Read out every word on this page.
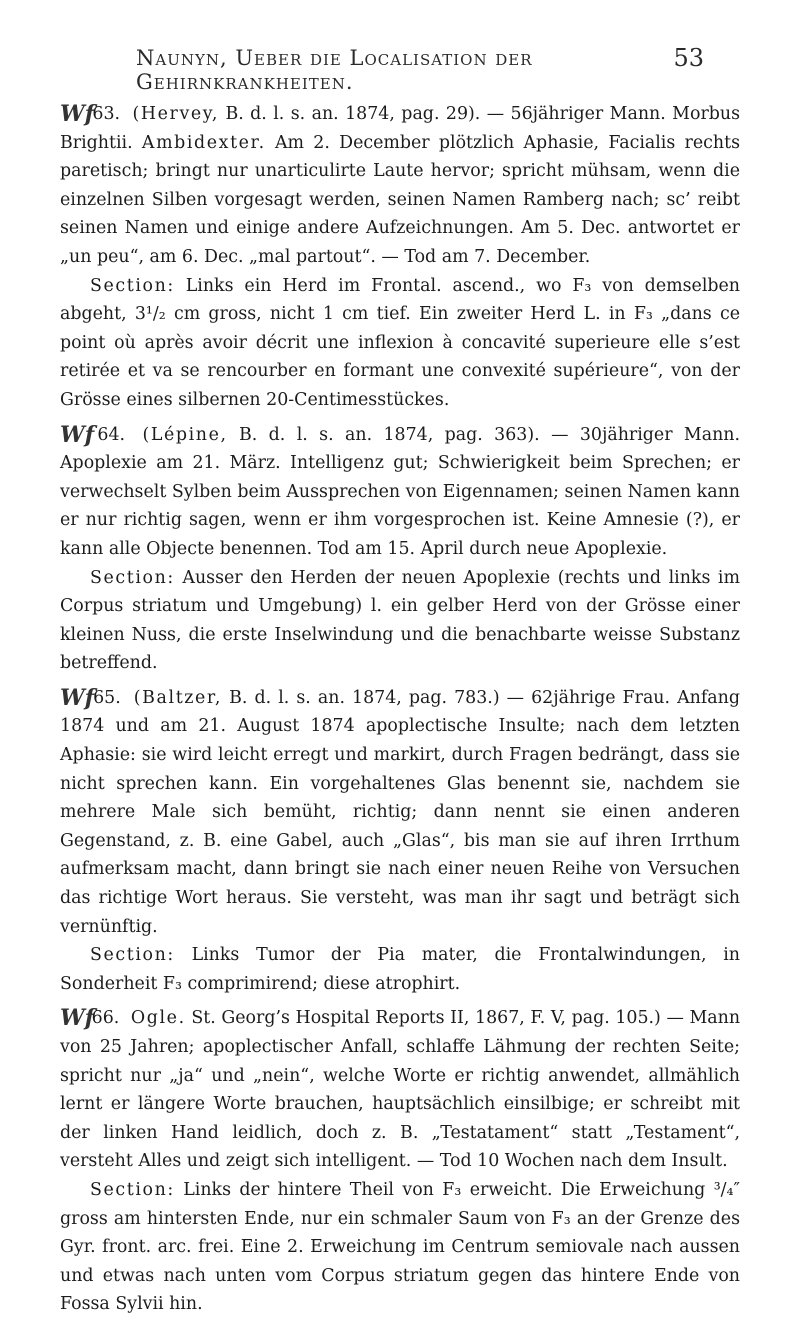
Naunyn, Ueber die Localisation der Gehirnkrankheiten.
53

Wf 63. (Hervey, B. d. l. s. an. 1874, pag. 29). — 56jähriger Mann. Morbus Brightii. Ambidexter. Am 2. December plötzlich Aphasie, Facialis rechts paretisch; bringt nur unarticulirte Laute hervor; spricht mühsam, wenn die einzelnen Silben vorgesagt werden, seinen Namen Ramberg nach; sc’ reibt seinen Namen und einige andere Aufzeichnungen. Am 5. Dec. antwortet er „un peu“, am 6. Dec. „mal partout“. — Tod am 7. December.

Section: Links ein Herd im Frontal. ascend., wo F₃ von demselben abgeht, 3¹/₂ cm gross, nicht 1 cm tief. Ein zweiter Herd L. in F₃ „dans ce point où après avoir décrit une inflexion à concavité superieure elle s’est retirée et va se rencourber en formant une convexité supérieure“, von der Grösse eines silbernen 20-Centimesstückes.

Wf 64. (Lépine, B. d. l. s. an. 1874, pag. 363). — 30jähriger Mann. Apoplexie am 21. März. Intelligenz gut; Schwierigkeit beim Sprechen; er verwechselt Sylben beim Aussprechen von Eigennamen; seinen Namen kann er nur richtig sagen, wenn er ihm vorgesprochen ist. Keine Amnesie (?), er kann alle Objecte benennen. Tod am 15. April durch neue Apoplexie.

Section: Ausser den Herden der neuen Apoplexie (rechts und links im Corpus striatum und Umgebung) l. ein gelber Herd von der Grösse einer kleinen Nuss, die erste Inselwindung und die benachbarte weisse Substanz betreffend.

Wf 65. (Baltzer, B. d. l. s. an. 1874, pag. 783.) — 62jährige Frau. Anfang 1874 und am 21. August 1874 apoplectische Insulte; nach dem letzten Aphasie: sie wird leicht erregt und markirt, durch Fragen bedrängt, dass sie nicht sprechen kann. Ein vorgehaltenes Glas benennt sie, nachdem sie mehrere Male sich bemüht, richtig; dann nennt sie einen anderen Gegenstand, z. B. eine Gabel, auch „Glas“, bis man sie auf ihren Irrthum aufmerksam macht, dann bringt sie nach einer neuen Reihe von Versuchen das richtige Wort heraus. Sie versteht, was man ihr sagt und beträgt sich vernünftig.

Section: Links Tumor der Pia mater, die Frontalwindungen, in Sonderheit F₃ comprimirend; diese atrophirt.

Wf 66. Ogle. St. Georg’s Hospital Reports II, 1867, F. V, pag. 105.) — Mann von 25 Jahren; apoplectischer Anfall, schlaffe Lähmung der rechten Seite; spricht nur „ja“ und „nein“, welche Worte er richtig anwendet, allmählich lernt er längere Worte brauchen, hauptsächlich einsilbige; er schreibt mit der linken Hand leidlich, doch z. B. „Testatament“ statt „Testament“, versteht Alles und zeigt sich intelligent. — Tod 10 Wochen nach dem Insult.

Section: Links der hintere Theil von F₃ erweicht. Die Erweichung ³/₄″ gross am hintersten Ende, nur ein schmaler Saum von F₃ an der Grenze des Gyr. front. arc. frei. Eine 2. Erweichung im Centrum semiovale nach aussen und etwas nach unten vom Corpus striatum gegen das hintere Ende von Fossa Sylvii hin.
